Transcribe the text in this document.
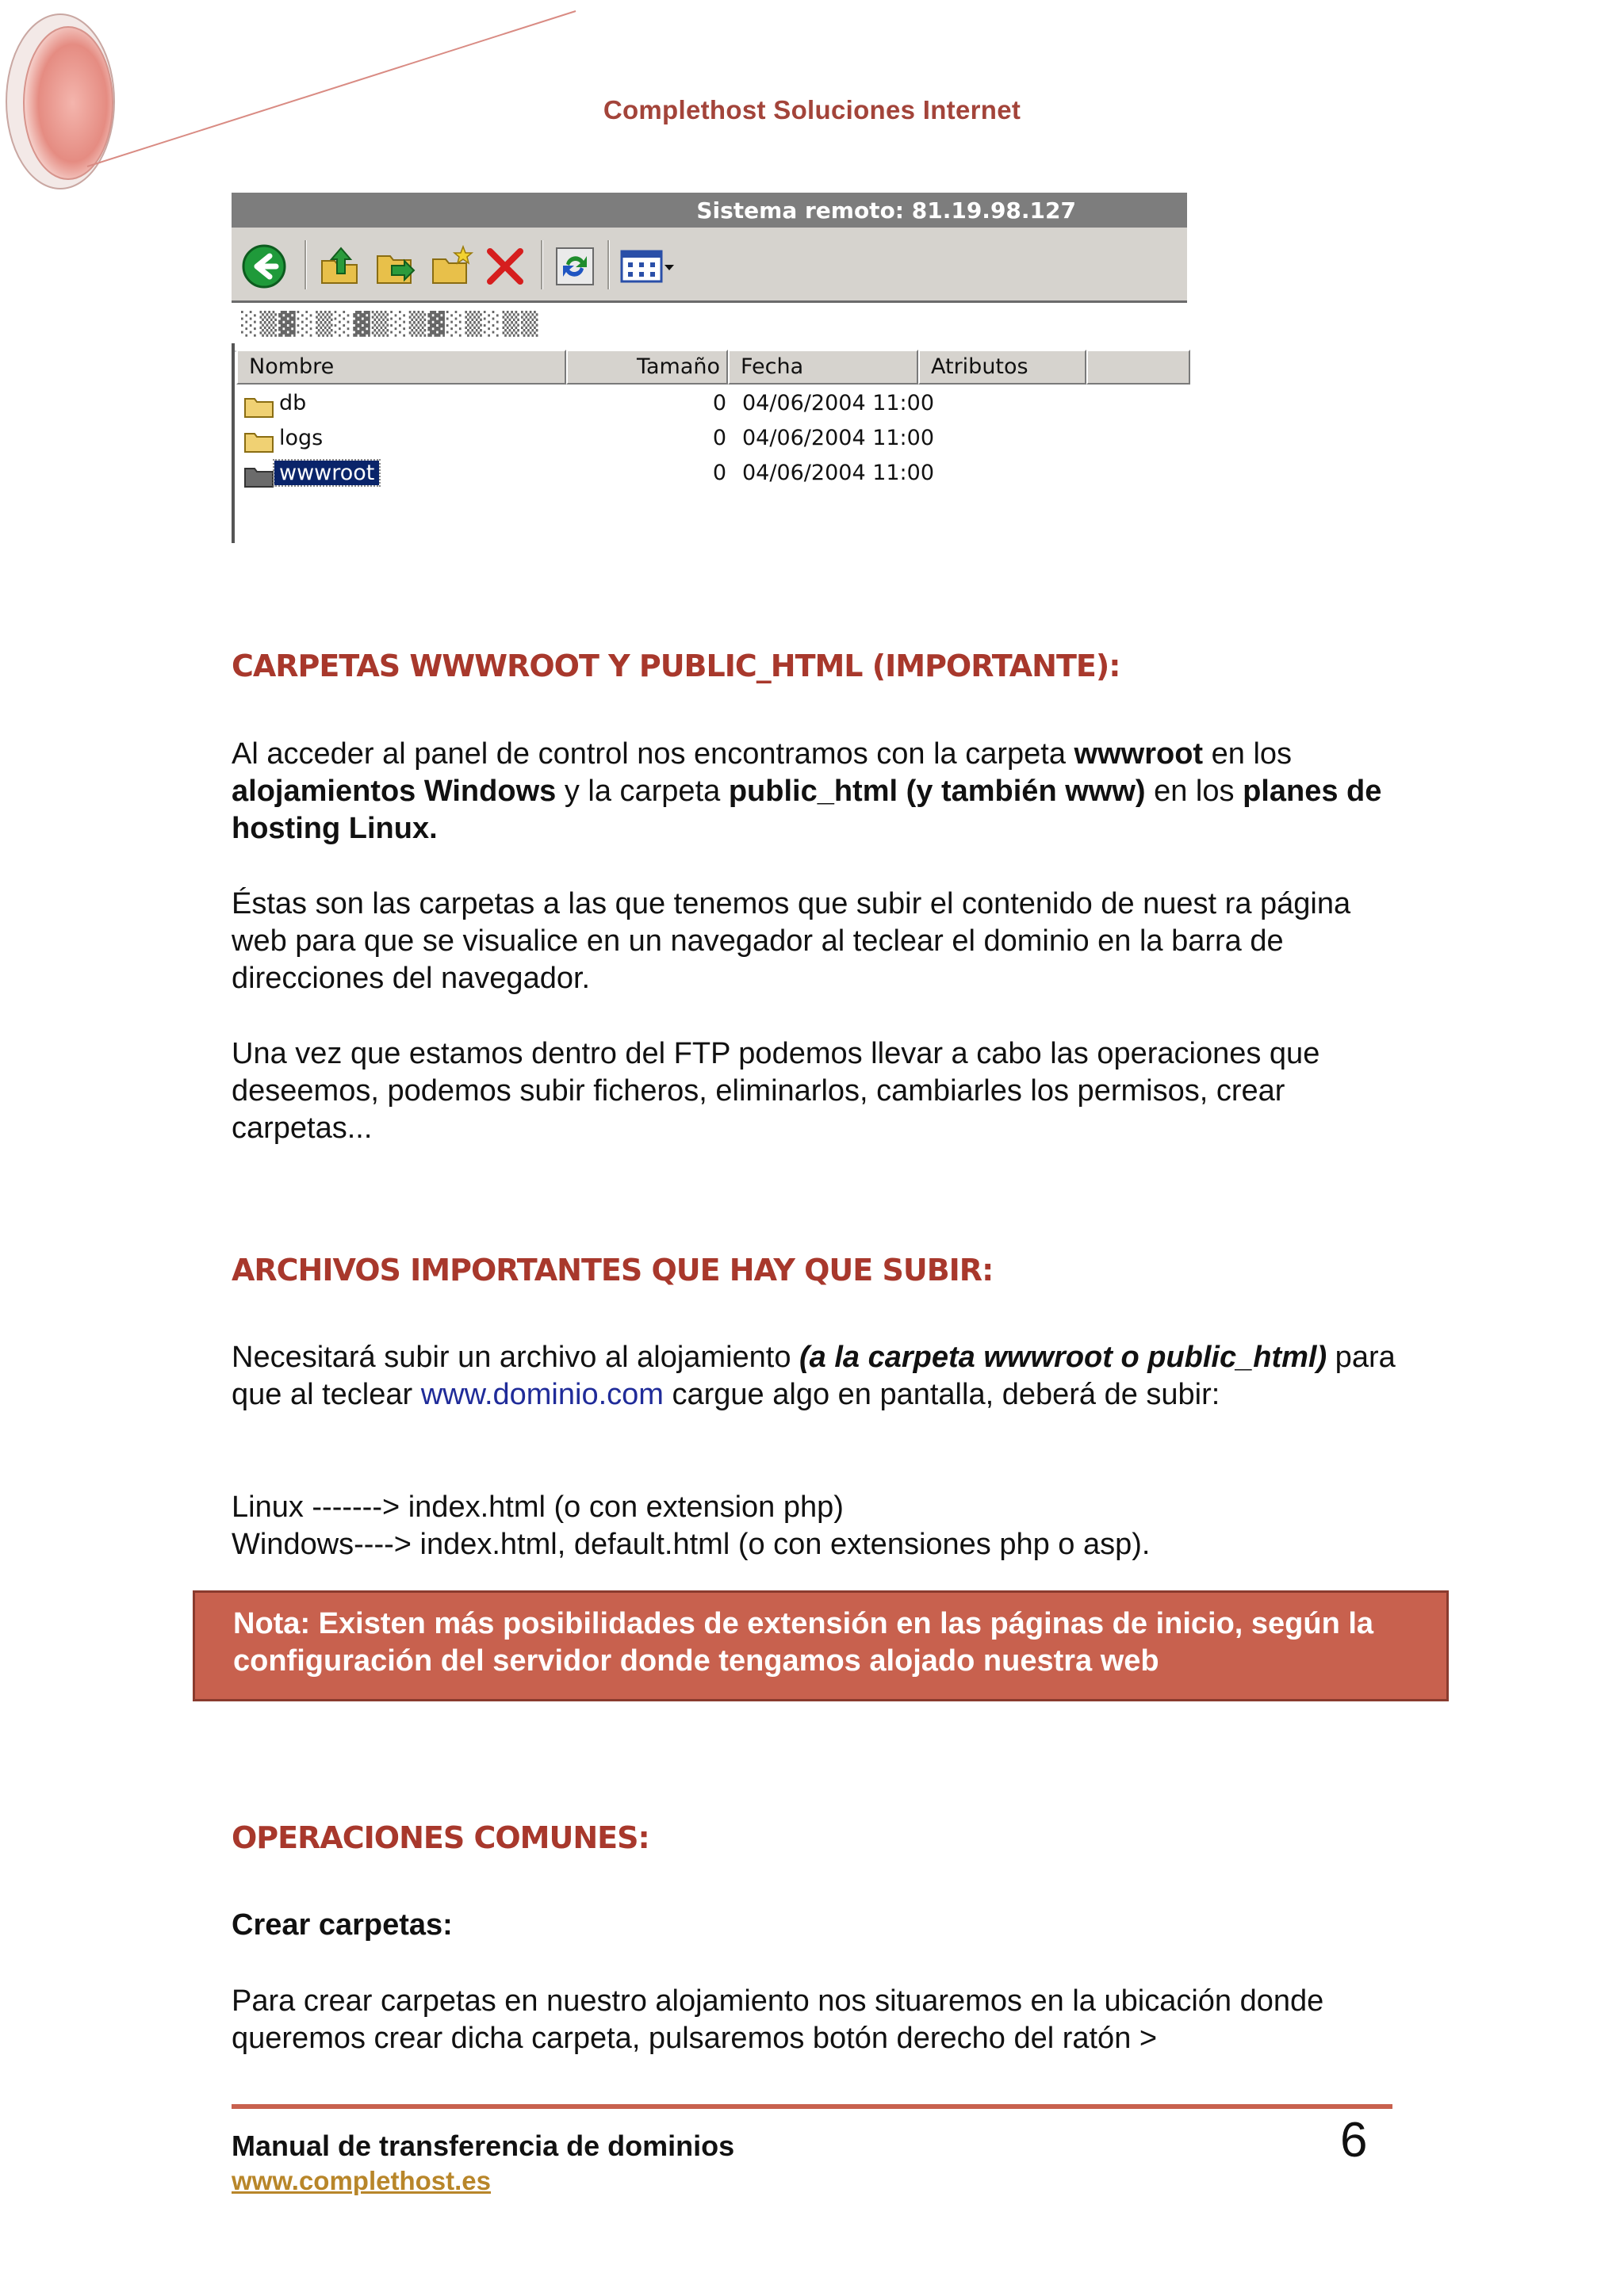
Complethost Soluciones Internet
Sistema remoto: 81.19.98.127
░▒▓░▒░▓▒░▒▓░▒░▒▒
Nombre	Tamaño Fecha	Atributos
db	0 04/06/2004 11:00
logs	0 04/06/2004 11:00
wwwroot	0 04/06/2004 11:00
CARPETAS WWWROOT Y PUBLIC_HTML (IMPORTANTE):
Al acceder al panel de control nos encontramos con la carpeta wwwroot en los alojamientos Windows y la carpeta public_html (y también www) en los planes de hosting Linux.
Éstas son las carpetas a las que tenemos que subir el contenido de nuest ra página web para que se visualice en un navegador al teclear el dominio en la barra de direcciones del navegador.
Una vez que estamos dentro del FTP podemos llevar a cabo las operaciones que deseemos, podemos subir ficheros, eliminarlos, cambiarles los permisos, crear carpetas...
ARCHIVOS IMPORTANTES QUE HAY QUE SUBIR:
Necesitará subir un archivo al alojamiento (a la carpeta wwwroot o public_html) para que al teclear www.dominio.com cargue algo en pantalla, deberá de subir:
Linux -------> index.html (o con extension php)
Windows----> index.html, default.html (o con extensiones php o asp).
Nota: Existen más posibilidades de extensión en las páginas de inicio, según la configuración del servidor donde tengamos alojado nuestra web
OPERACIONES COMUNES:
Crear carpetas:
Para crear carpetas en nuestro alojamiento nos situaremos en la ubicación donde queremos crear dicha carpeta, pulsaremos botón derecho del ratón >
Manual de transferencia de dominios
www.complethost.es
6
